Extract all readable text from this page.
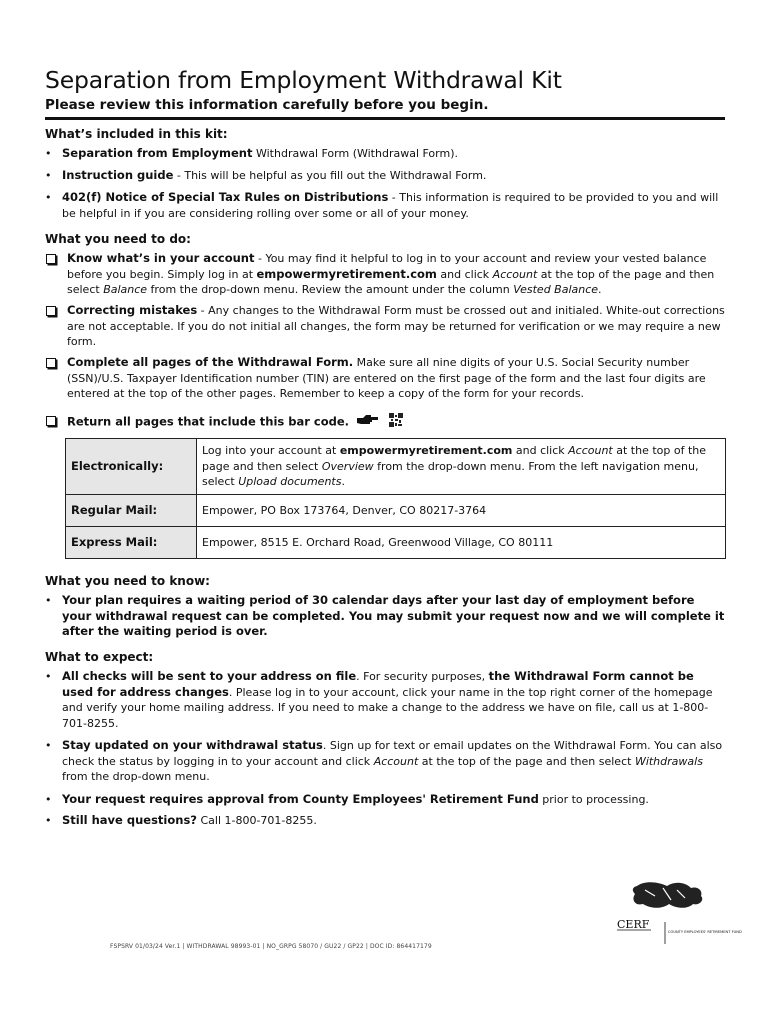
Separation from Employment Withdrawal Kit
Please review this information carefully before you begin.
What’s included in this kit:
• Separation from Employment Withdrawal Form (Withdrawal Form).
• Instruction guide - This will be helpful as you fill out the Withdrawal Form.
• 402(f) Notice of Special Tax Rules on Distributions - This information is required to be provided to you and will be helpful in if you are considering rolling over some or all of your money.
What you need to do:
Know what’s in your account - You may find it helpful to log in to your account and review your vested balance before you begin. Simply log in at empowermyretirement.com and click Account at the top of the page and then select Balance from the drop-down menu. Review the amount under the column Vested Balance.
Correcting mistakes - Any changes to the Withdrawal Form must be crossed out and initialed. White-out corrections are not acceptable. If you do not initial all changes, the form may be returned for verification or we may require a new form.
Complete all pages of the Withdrawal Form. Make sure all nine digits of your U.S. Social Security number (SSN)/U.S. Taxpayer Identification number (TIN) are entered on the first page of the form and the last four digits are entered at the top of the other pages. Remember to keep a copy of the form for your records.
Return all pages that include this bar code.
Electronically:	Log into your account at empowermyretirement.com and click Account at the top of the page and then select Overview from the drop-down menu. From the left navigation menu, select Upload documents.
Regular Mail:	Empower, PO Box 173764, Denver, CO 80217-3764
Express Mail:	Empower, 8515 E. Orchard Road, Greenwood Village, CO 80111
What you need to know:
• Your plan requires a waiting period of 30 calendar days after your last day of employment before your withdrawal request can be completed. You may submit your request now and we will complete it after the waiting period is over.
What to expect:
• All checks will be sent to your address on file. For security purposes, the Withdrawal Form cannot be used for address changes. Please log in to your account, click your name in the top right corner of the homepage and verify your home mailing address. If you need to make a change to the address we have on file, call us at 1-800-701-8255.
• Stay updated on your withdrawal status. Sign up for text or email updates on the Withdrawal Form. You can also check the status by logging in to your account and click Account at the top of the page and then select Withdrawals from the drop-down menu.
• Your request requires approval from County Employees' Retirement Fund prior to processing.
• Still have questions? Call 1-800-701-8255.
FSPSRV 01/03/24 Ver.1 | WITHDRAWAL 98993-01 | NO_GRPG 58070 / GU22 / GP22 | DOC ID: 864417179
CERF
COUNTY EMPLOYEES' RETIREMENT FUND
